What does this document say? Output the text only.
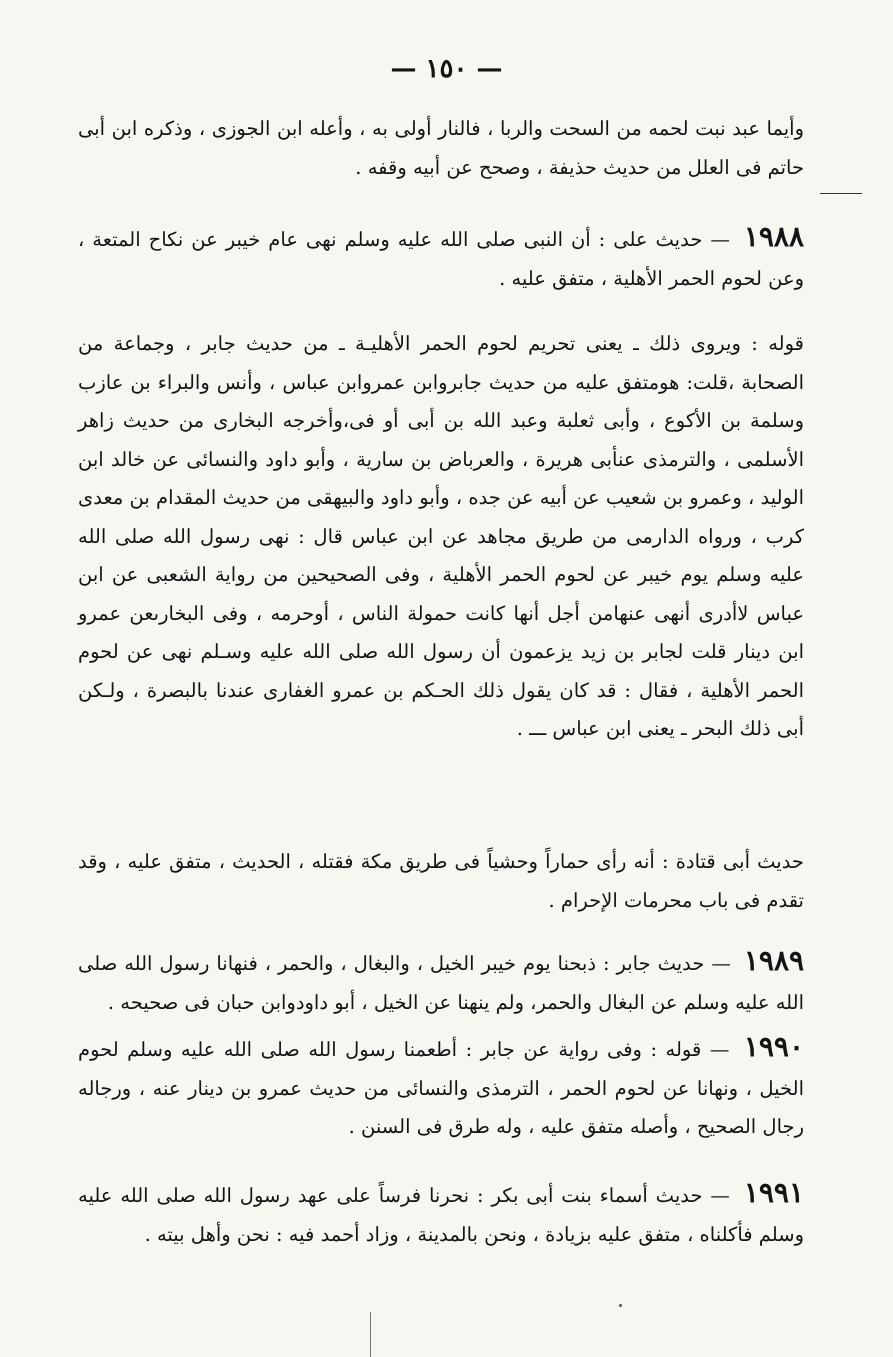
— ١٥٠ —
وأيما عبد نبت لحمه من السحت والربا ، فالنار أولى به ، وأعله ابن الجوزى ، وذكره ابن أبى حاتم فى العلل من حديث حذيفة ، وصحح عن أبيه وقفه .
١٩٨٨ — حديث على : أن النبى صلى الله عليه وسلم نهى عام خيبر عن نكاح المتعة ، وعن لحوم الحمر الأهلية ، متفق عليه .
قوله : ويروى ذلك ـ يعنى تحريم لحوم الحمر الأهليـة ـ من حديث جابر ، وجماعة من الصحابة ،قلت: هومتفق عليه من حديث جابروابن عمروابن عباس ، وأنس والبراء بن عازب وسلمة بن الأكوع ، وأبى ثعلبة وعبد الله بن أبى أو فى،وأخرجه البخارى من حديث زاهر الأسلمى ، والترمذى عنأبى هريرة ، والعرباض بن سارية ، وأبو داود والنسائى عن خالد ابن الوليد ، وعمرو بن شعيب عن أبيه عن جده ، وأبو داود والبيهقى من حديث المقدام بن معدى كرب ، ورواه الدارمى من طريق مجاهد عن ابن عباس قال : نهى رسول الله صلى الله عليه وسلم يوم خيبر عن لحوم الحمر الأهلية ، وفى الصحيحين من رواية الشعبى عن ابن عباس لاأدرى أنهى عنهامن أجل أنها كانت حمولة الناس ، أوحرمه ، وفى البخارىعن عمرو ابن دينار قلت لجابر بن زيد يزعمون أن رسول الله صلى الله عليه وسـلم نهى عن لحوم الحمر الأهلية ، فقال : قد كان يقول ذلك الحـكم بن عمرو الغفارى عندنا بالبصرة ، ولـكن أبى ذلك البحر ـ يعنى ابن عباس ـــ .
حديث أبى قتادة : أنه رأى حماراً وحشياً فى طريق مكة فقتله ، الحديث ، متفق عليه ، وقد تقدم فى باب محرمات الإحرام .
١٩٨٩ — حديث جابر : ذبحنا يوم خيبر الخيل ، والبغال ، والحمر ، فنهانا رسول الله صلى الله عليه وسلم عن البغال والحمر، ولم ينهنا عن الخيل ، أبو داودوابن حبان فى صحيحه .
١٩٩٠ — قوله : وفى رواية عن جابر : أطعمنا رسول الله صلى الله عليه وسلم لحوم الخيل ، ونهانا عن لحوم الحمر ، الترمذى والنسائى من حديث عمرو بن دينار عنه ، ورجاله رجال الصحيح ، وأصله متفق عليه ، وله طرق فى السنن .
١٩٩١ — حديث أسماء بنت أبى بكر : نحرنا فرساً على عهد رسول الله صلى الله عليه وسلم فأكلناه ، متفق عليه بزيادة ، ونحن بالمدينة ، وزاد أحمد فيه : نحن وأهل بيته .
